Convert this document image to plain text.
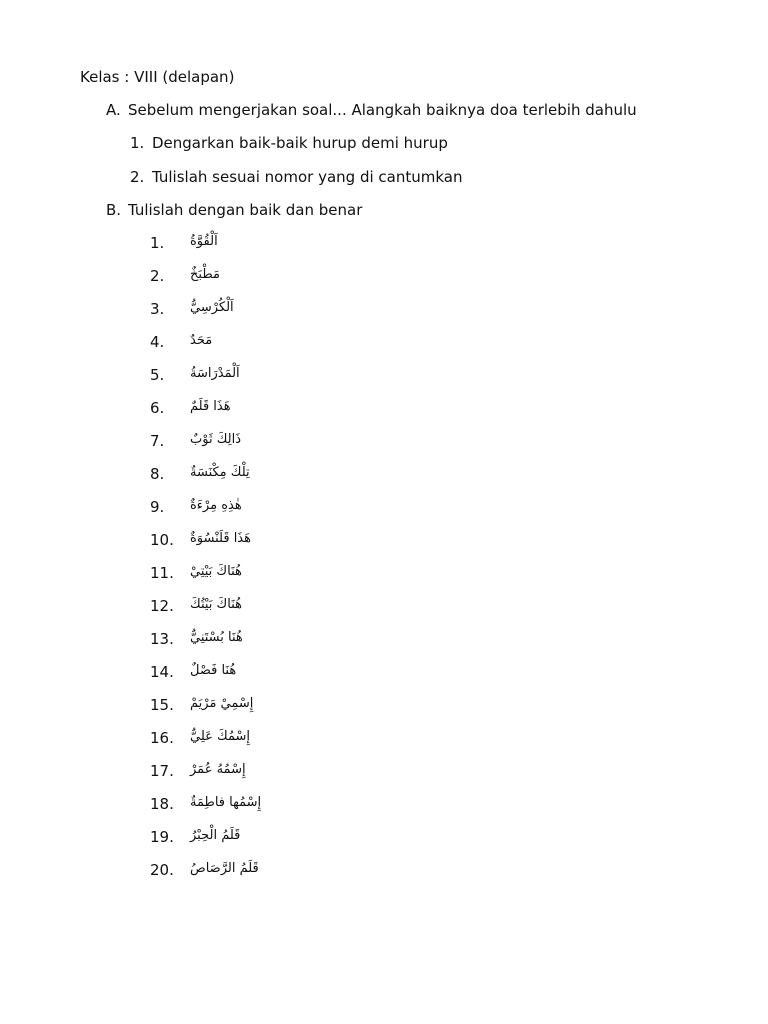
Kelas : VIII (delapan)
A. Sebelum mengerjakan soal... Alangkah baiknya doa terlebih dahulu
1. Dengarkan baik-baik hurup demi hurup
2. Tulislah sesuai nomor yang di cantumkan
B. Tulislah dengan baik dan benar
1. اَلْقُوَّةُ
2. مَطْبَخٌ
3. اَلْكُرْسِيُّ
4. مَحَدٌ
5. اَلْمَدْرَاسَةُ
6. هَذَا قَلَمٌ
7. ذَالِكَ ثَوْبٌ
8. تِلْكَ مِكْنَسَةٌ
9. هٰذِهِ مِرْءَةٌ
10. هَذَا قَلَنْسُوَةٌ
11. هُنَاكَ بَيْتِيْ
12. هُنَاكَ بَيْتُكَ
13. هُنَا بُسْتَنِيٌّ
14. هُنَا فَصْلٌ
15. إِسْمِيْ مَرْيَمْ
16. إِسْمُكَ عَلِيٌّ
17. إِسْمُهُ عُمَرْ
18. إِسْمُها فاطِمَةٌ
19. قَلَمُ الْحِبْرُ
20. قَلَمُ الرَّصَاصُ
